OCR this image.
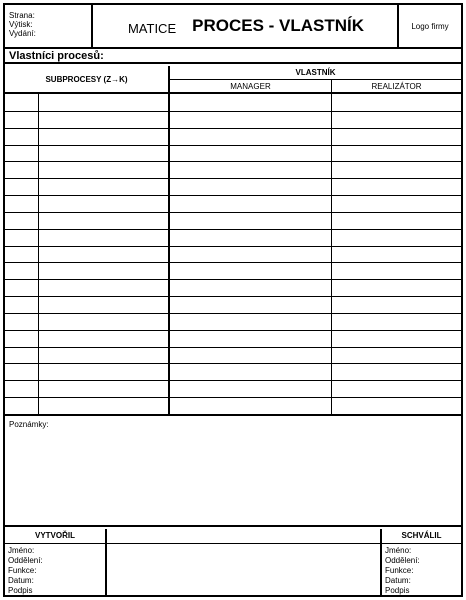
Strana:
Výtisk:
Vydání:	MATICE PROCES - VLASTNÍK	Logo firmy
Vlastníci procesů:
SUBPROCESY (Z→K)
VLASTNÍK
MANAGER	REALIZÁTOR
Poznámky:
VYTVOŘIL
Jméno:
Oddělení:
Funkce:
Datum:
Podpis
SCHVÁLIL
Jméno:
Oddělení:
Funkce:
Datum:
Podpis
